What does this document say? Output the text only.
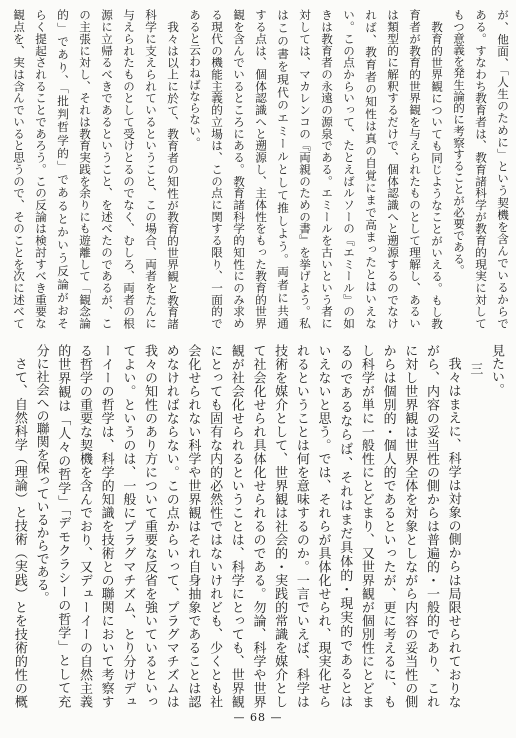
が、他面、「人生のために」という契機を含んでいるからで
ある。すなわち教育者は、教育諸科学が教育的現実に対して
もつ意義を発生論的に考察することが必要である。
教育的世界観についても同じようなことがいえる。もし教
育者が教育的世界観を与えられたものとして理解し、あるい
は類型的に解釈するだけで、個体認識へと遡源するのでなけ
れば、教育者の知性は真の自覚にまで高まったとはいえな
い。この点からいって、たとえばルソーの『エミール』の如
きは教育者の永遠の源泉である。エミールを古いという者に
対しては、マカレンコの『両親のための書』を挙げよう。私
はこの書を現代のエミールとして推しよう。両者に共通
する点は、個体認識へと遡源し、主体性をもった教育的世界
観を含んでいるところにある。教育諸科学的知性にのみ求め
る現代の機能主義的立場は、この点に関する限り、一面的で
あると云わねばならない。
我々は以上に於て、教育者の知性が教育的世界観と教育諸
科学に支えられているということ、この場合、両者をたんに
与えられたものとして受けとるのでなく、むしろ、両者の根
源に立帰るべきであるということ、を述べたのであるが、こ
の主張に対し、それは教育実践を余りにも遊離して「観念論
的」であり、「批判哲学的」であるとかいう反論がおそ
らく提起されることであろう。この反論は検討すべき重要な
観点を、実は含んでいると思うので、そのことを次に述べて
見たい。
三
我々はまえに、科学は対象の側からは局限せられておりな
がら、内容の妥当性の側からは普遍的・一般的であり、これ
に対し世界観は世界全体を対象としながら内容の妥当性の側
からは個別的・個人的であるといったが、更に考えるに、も
し科学が単に一般性にとどまり、又世界観が個別性にとどま
るのであるならば、それはまだ具体的・現実的であるとは
いえないと思う。では、それらが具体化せられ、現実化せら
れるということは何を意味するのか。一言でいえば、科学は
技術を媒介として、世界観は社会的・実践的常識を媒介とし
て社会化せられ具体化せられるのである。勿論、科学や世界
観が社会化せられるということは、科学にとっても、世界観
にとっても固有な内的必然性ではないけれども、少くとも社
会化せられない科学や世界観はそれ自身抽象であることは認
めなければならない。この点からいって、プラグマチズムは
我々の知性のあり方について重要な反省を強いているといっ
てよい。というのは、一般にプラグマチズム、とり分けデュ
ーイーの哲学は、科学的知識を技術との聯関において考察す
る哲学の重要な契機を含んでおり、又デューイーの自然主義
的世界観は「人々の哲学」「デモクラシーの哲学」として充
分に社会への聯関を保っているからである。
さて、自然科学（理論）と技術（実践）とを技術的性の概
— 68 —
